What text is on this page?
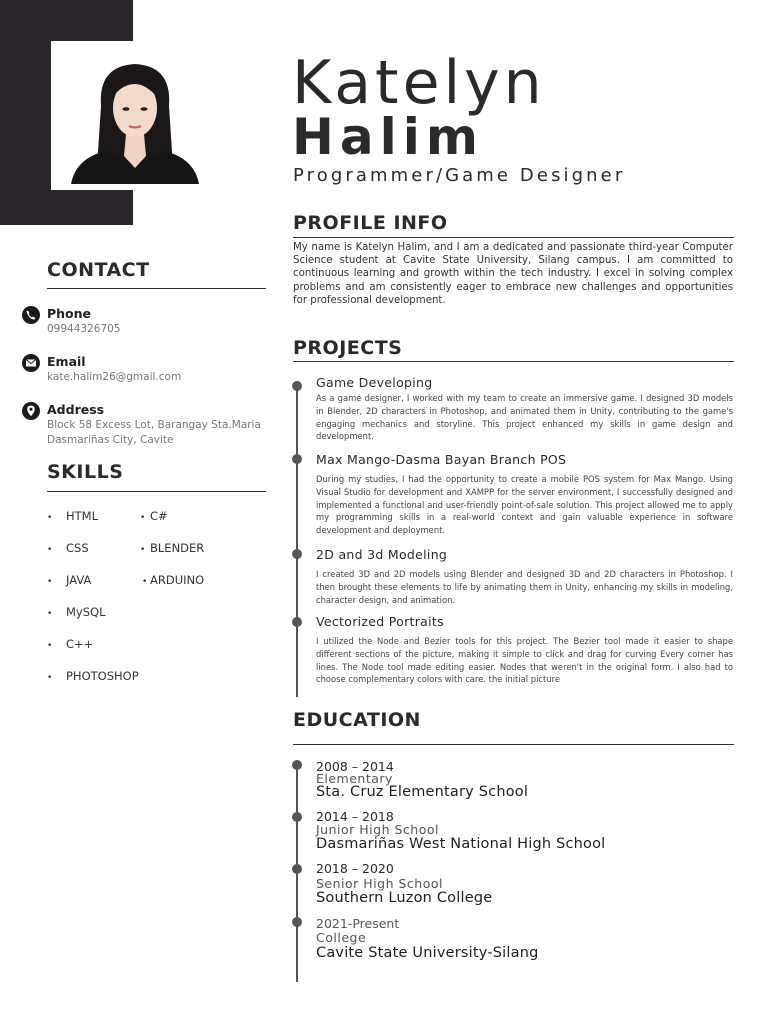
Katelyn
Halim
Programmer/Game Designer
PROFILE INFO
My name is Katelyn Halim, and I am a dedicated and passionate third-year Computer Science student at Cavite State University, Silang campus. I am committed to continuous learning and growth within the tech industry. I excel in solving complex problems and am consistently eager to embrace new challenges and opportunities for professional development.
CONTACT
Phone
09944326705
Email
kate.halim26@gmail.com
Address
Block 58 Excess Lot, Barangay Sta.Maria
Dasmariñas City, Cavite
SKILLS
• HTML
• CSS
• JAVA
• MySQL
• C++
• PHOTOSHOP
• C#
• BLENDER
• ARDUINO
PROJECTS
Game Developing
As a game designer, I worked with my team to create an immersive game. I designed 3D models in Blender, 2D characters in Photoshop, and animated them in Unity, contributing to the game's engaging mechanics and storyline. This project enhanced my skills in game design and development.
Max Mango-Dasma Bayan Branch POS
During my studies, I had the opportunity to create a mobile POS system for Max Mango. Using Visual Studio for development and XAMPP for the server environment, I successfully designed and implemented a functional and user-friendly point-of-sale solution. This project allowed me to apply my programming skills in a real-world context and gain valuable experience in software development and deployment.
2D and 3d Modeling
I created 3D and 2D models using Blender and designed 3D and 2D characters in Photoshop. I then brought these elements to life by animating them in Unity, enhancing my skills in modeling, character design, and animation.
Vectorized Portraits
I utilized the Node and Bezier tools for this project. The Bezier tool made it easier to shape different sections of the picture, making it simple to click and drag for curving Every corner has lines. The Node tool made editing easier. Nodes that weren't in the original form. I also had to choose complementary colors with care. the initial picture
EDUCATION
2008 – 2014
Elementary
Sta. Cruz Elementary School
2014 – 2018
Junior High School
Dasmariñas West National High School
2018 – 2020
Senior High School
Southern Luzon College
2021-Present
College
Cavite State University-Silang
